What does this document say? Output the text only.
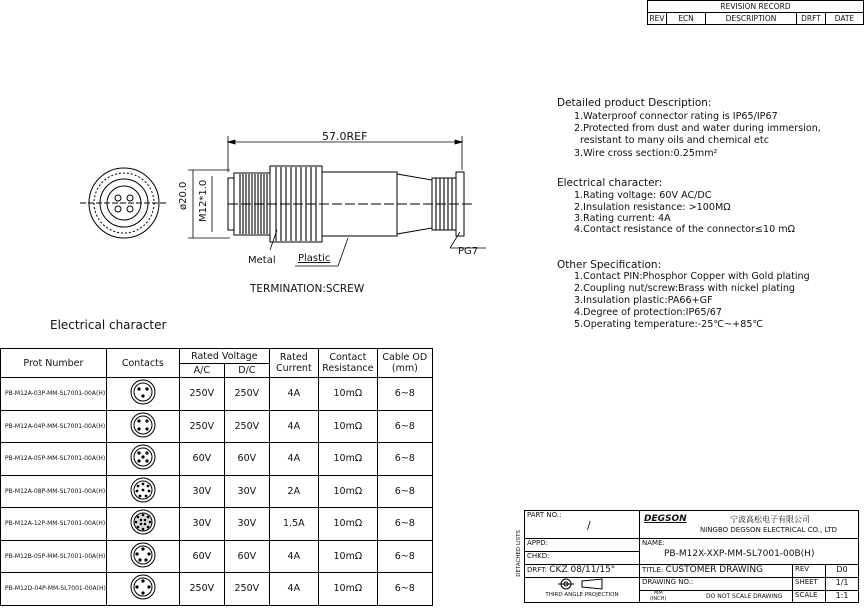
REVISION RECORD
REV	ECN	DESCRIPTION	DRFT	DATE
57.0REF
ø20.0 M12*1.0
Metal Plastic
PG7
TERMINATION:SCREW
Detailed product Description:
1.Waterproof connector rating is IP65/IP67
2.Protected from dust and water during immersion,
resistant to many oils and chemical etc
3.Wire cross section:0.25mm²
Electrical character:
1.Rating voltage: 60V AC/DC
2.Insulation resistance: >100MΩ
3.Rating current: 4A
4.Contact resistance of the connector≤10 mΩ
Other Specification:
1.Contact PIN:Phosphor Copper with Gold plating
2.Coupling nut/screw:Brass with nickel plating
3.Insulation plastic:PA66+GF
4.Degree of protection:IP65/67
5.Operating temperature:-25℃~+85℃
Electrical character
Prot Number	Contacts	Rated Voltage		Rated Current	Contact Resistance	Cable OD (mm)
		A/C	D/C			
PB-M12A-03P-MM-SL7001-00A(H)		250V	250V	4A	10mΩ	6~8
PB-M12A-04P-MM-SL7001-00A(H)		250V	250V	4A	10mΩ	6~8
PB-M12A-05P-MM-SL7001-00A(H)		60V	60V	4A	10mΩ	6~8
PB-M12A-08P-MM-SL7001-00A(H)		30V	30V	2A	10mΩ	6~8
PB-M12A-12P-MM-SL7001-00A(H)		30V	30V	1.5A	10mΩ	6~8
PB-M12B-05P-MM-SL7001-00A(H)		60V	60V	4A	10mΩ	6~8
PB-M12D-04P-MM-SL7001-00A(H)		250V	250V	4A	10mΩ	6~8
DETACHED LISTS
PART NO.:
/	DEGSON 宁波高松电子有限公司
NINGBO DEGSON ELECTRICAL CO., LTD		

APPD:	NAME:
PB-M12X-XXP-MM-SL7001-00B(H)		

CHKD:			
DRFT: CKZ 08/11/15"	TITLE: CUSTOMER DRAWING	REV	D0

THIRD ANGLE PROJECTION	DRAWING NO.:	SHEET	1/1

	MM
(INCH) DO NOT SCALE DRAWING	SCALE	1:1
